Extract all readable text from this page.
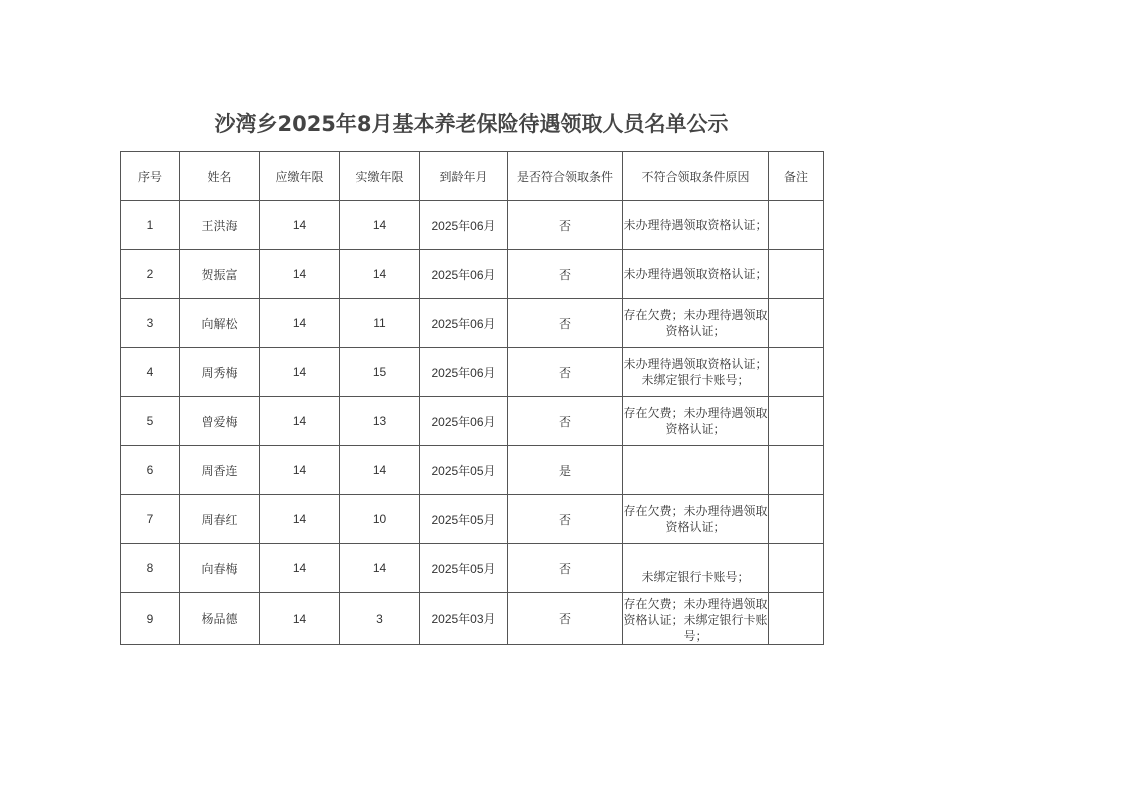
沙湾乡2025年8月基本养老保险待遇领取人员名单公示
序号	姓名	应缴年限	实缴年限	到龄年月	是否符合领取条件	不符合领取条件原因	备注
1	王洪海	14	14	2025年06月	否	未办理待遇领取资格认证；	
2	贺振富	14	14	2025年06月	否	未办理待遇领取资格认证；	
3	向解松	14	11	2025年06月	否	存在欠费；未办理待遇领取资格认证；	
4	周秀梅	14	15	2025年06月	否	未办理待遇领取资格认证；未绑定银行卡账号；	
5	曾爱梅	14	13	2025年06月	否	存在欠费；未办理待遇领取资格认证；	
6	周香连	14	14	2025年05月	是		
7	周春红	14	10	2025年05月	否	存在欠费；未办理待遇领取资格认证；	
8	向春梅	14	14	2025年05月	否	未绑定银行卡账号；	
9	杨品德	14	3	2025年03月	否	存在欠费；未办理待遇领取资格认证；未绑定银行卡账号；	
